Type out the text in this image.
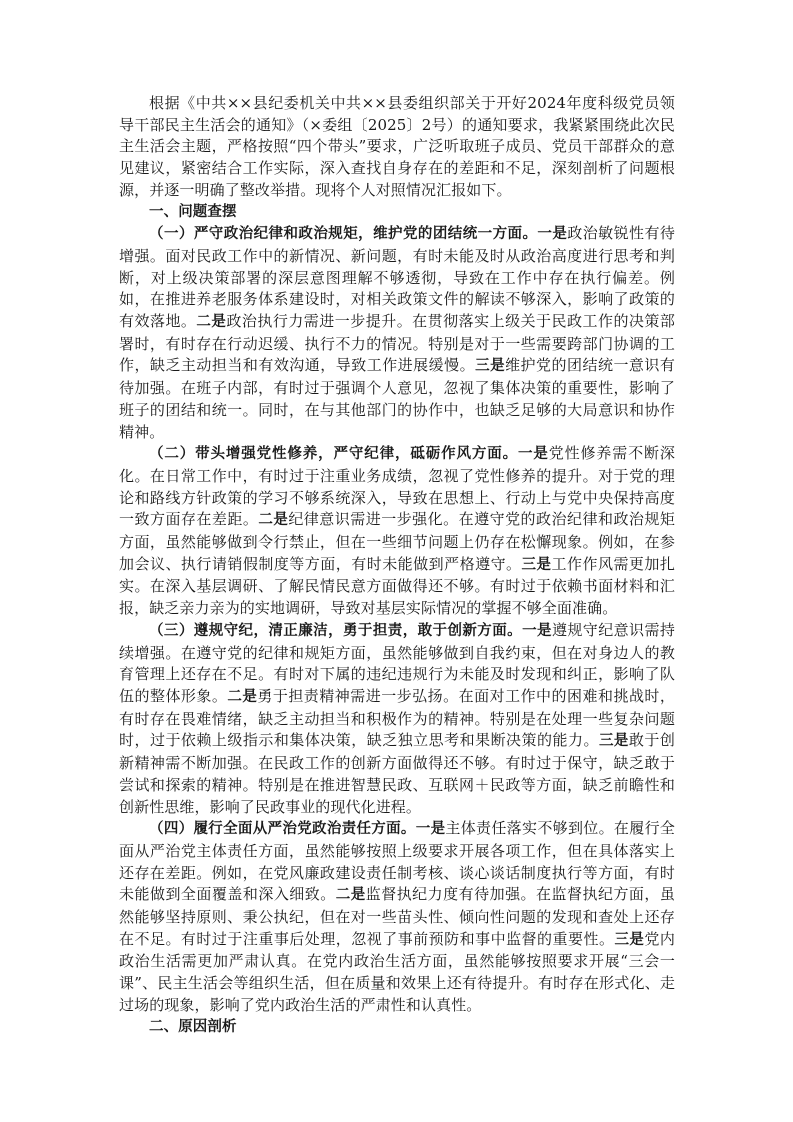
根据《中共××县纪委机关中共××县委组织部关于开好2024年度科级党员领导干部民主生活会的通知》（×委组〔2025〕2号）的通知要求，我紧紧围绕此次民主生活会主题，严格按照“四个带头”要求，广泛听取班子成员、党员干部群众的意见建议，紧密结合工作实际，深入查找自身存在的差距和不足，深刻剖析了问题根源，并逐一明确了整改举措。现将个人对照情况汇报如下。

一、问题查摆

（一）严守政治纪律和政治规矩，维护党的团结统一方面。一是政治敏锐性有待增强。面对民政工作中的新情况、新问题，有时未能及时从政治高度进行思考和判断，对上级决策部署的深层意图理解不够透彻，导致在工作中存在执行偏差。例如，在推进养老服务体系建设时，对相关政策文件的解读不够深入，影响了政策的有效落地。二是政治执行力需进一步提升。在贯彻落实上级关于民政工作的决策部署时，有时存在行动迟缓、执行不力的情况。特别是对于一些需要跨部门协调的工作，缺乏主动担当和有效沟通，导致工作进展缓慢。三是维护党的团结统一意识有待加强。在班子内部，有时过于强调个人意见，忽视了集体决策的重要性，影响了班子的团结和统一。同时，在与其他部门的协作中，也缺乏足够的大局意识和协作精神。

（二）带头增强党性修养，严守纪律，砥砺作风方面。一是党性修养需不断深化。在日常工作中，有时过于注重业务成绩，忽视了党性修养的提升。对于党的理论和路线方针政策的学习不够系统深入，导致在思想上、行动上与党中央保持高度一致方面存在差距。二是纪律意识需进一步强化。在遵守党的政治纪律和政治规矩方面，虽然能够做到令行禁止，但在一些细节问题上仍存在松懈现象。例如，在参加会议、执行请销假制度等方面，有时未能做到严格遵守。三是工作作风需更加扎实。在深入基层调研、了解民情民意方面做得还不够。有时过于依赖书面材料和汇报，缺乏亲力亲为的实地调研，导致对基层实际情况的掌握不够全面准确。

（三）遵规守纪，清正廉洁，勇于担责，敢于创新方面。一是遵规守纪意识需持续增强。在遵守党的纪律和规矩方面，虽然能够做到自我约束，但在对身边人的教育管理上还存在不足。有时对下属的违纪违规行为未能及时发现和纠正，影响了队伍的整体形象。二是勇于担责精神需进一步弘扬。在面对工作中的困难和挑战时，有时存在畏难情绪，缺乏主动担当和积极作为的精神。特别是在处理一些复杂问题时，过于依赖上级指示和集体决策，缺乏独立思考和果断决策的能力。三是敢于创新精神需不断加强。在民政工作的创新方面做得还不够。有时过于保守，缺乏敢于尝试和探索的精神。特别是在推进智慧民政、互联网＋民政等方面，缺乏前瞻性和创新性思维，影响了民政事业的现代化进程。

（四）履行全面从严治党政治责任方面。一是主体责任落实不够到位。在履行全面从严治党主体责任方面，虽然能够按照上级要求开展各项工作，但在具体落实上还存在差距。例如，在党风廉政建设责任制考核、谈心谈话制度执行等方面，有时未能做到全面覆盖和深入细致。二是监督执纪力度有待加强。在监督执纪方面，虽然能够坚持原则、秉公执纪，但在对一些苗头性、倾向性问题的发现和查处上还存在不足。有时过于注重事后处理，忽视了事前预防和事中监督的重要性。三是党内政治生活需更加严肃认真。在党内政治生活方面，虽然能够按照要求开展“三会一课”、民主生活会等组织生活，但在质量和效果上还有待提升。有时存在形式化、走过场的现象，影响了党内政治生活的严肃性和认真性。

二、原因剖析
